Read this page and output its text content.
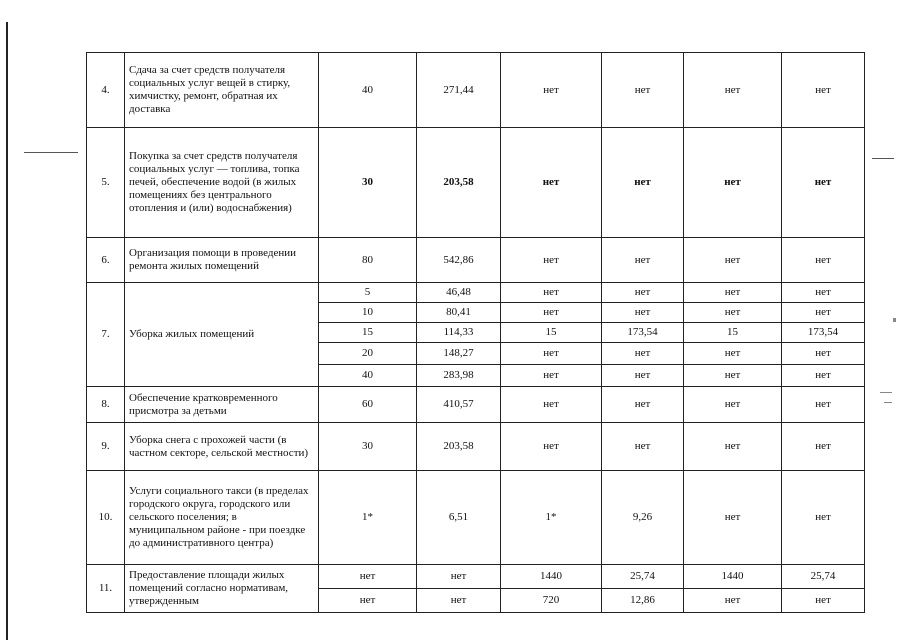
4.	Сдача за счет средств получателя социальных услуг вещей в стирку, химчистку, ремонт, обратная их доставка	40	271,44	нет	нет	нет	нет
5.	Покупка за счет средств получателя социальных услуг — топлива, топка печей, обеспечение водой (в жилых помещениях без центрального отопления и (или) водоснабжения)	30	203,58	нет	нет	нет	нет
6.	Организация помощи в проведении ремонта жилых помещений	80	542,86	нет	нет	нет	нет
7.	Уборка жилых помещений	5	46,48	нет	нет	нет	нет
		10	80,41	нет	нет	нет	нет
		15	114,33	15	173,54	15	173,54
		20	148,27	нет	нет	нет	нет
		40	283,98	нет	нет	нет	нет
8.	Обеспечение кратковременного присмотра за детьми	60	410,57	нет	нет	нет	нет
9.	Уборка снега с прохожей части (в частном секторе, сельской местности)	30	203,58	нет	нет	нет	нет
10.	Услуги социального такси (в пределах городского округа, городского или сельского поселения; в муниципальном районе - при поездке до административного центра)	1*	6,51	1*	9,26	нет	нет
11.	Предоставление площади жилых помещений согласно нормативам, утвержденным	нет	нет	1440	25,74	1440	25,74
		нет	нет	720	12,86	нет	нет
